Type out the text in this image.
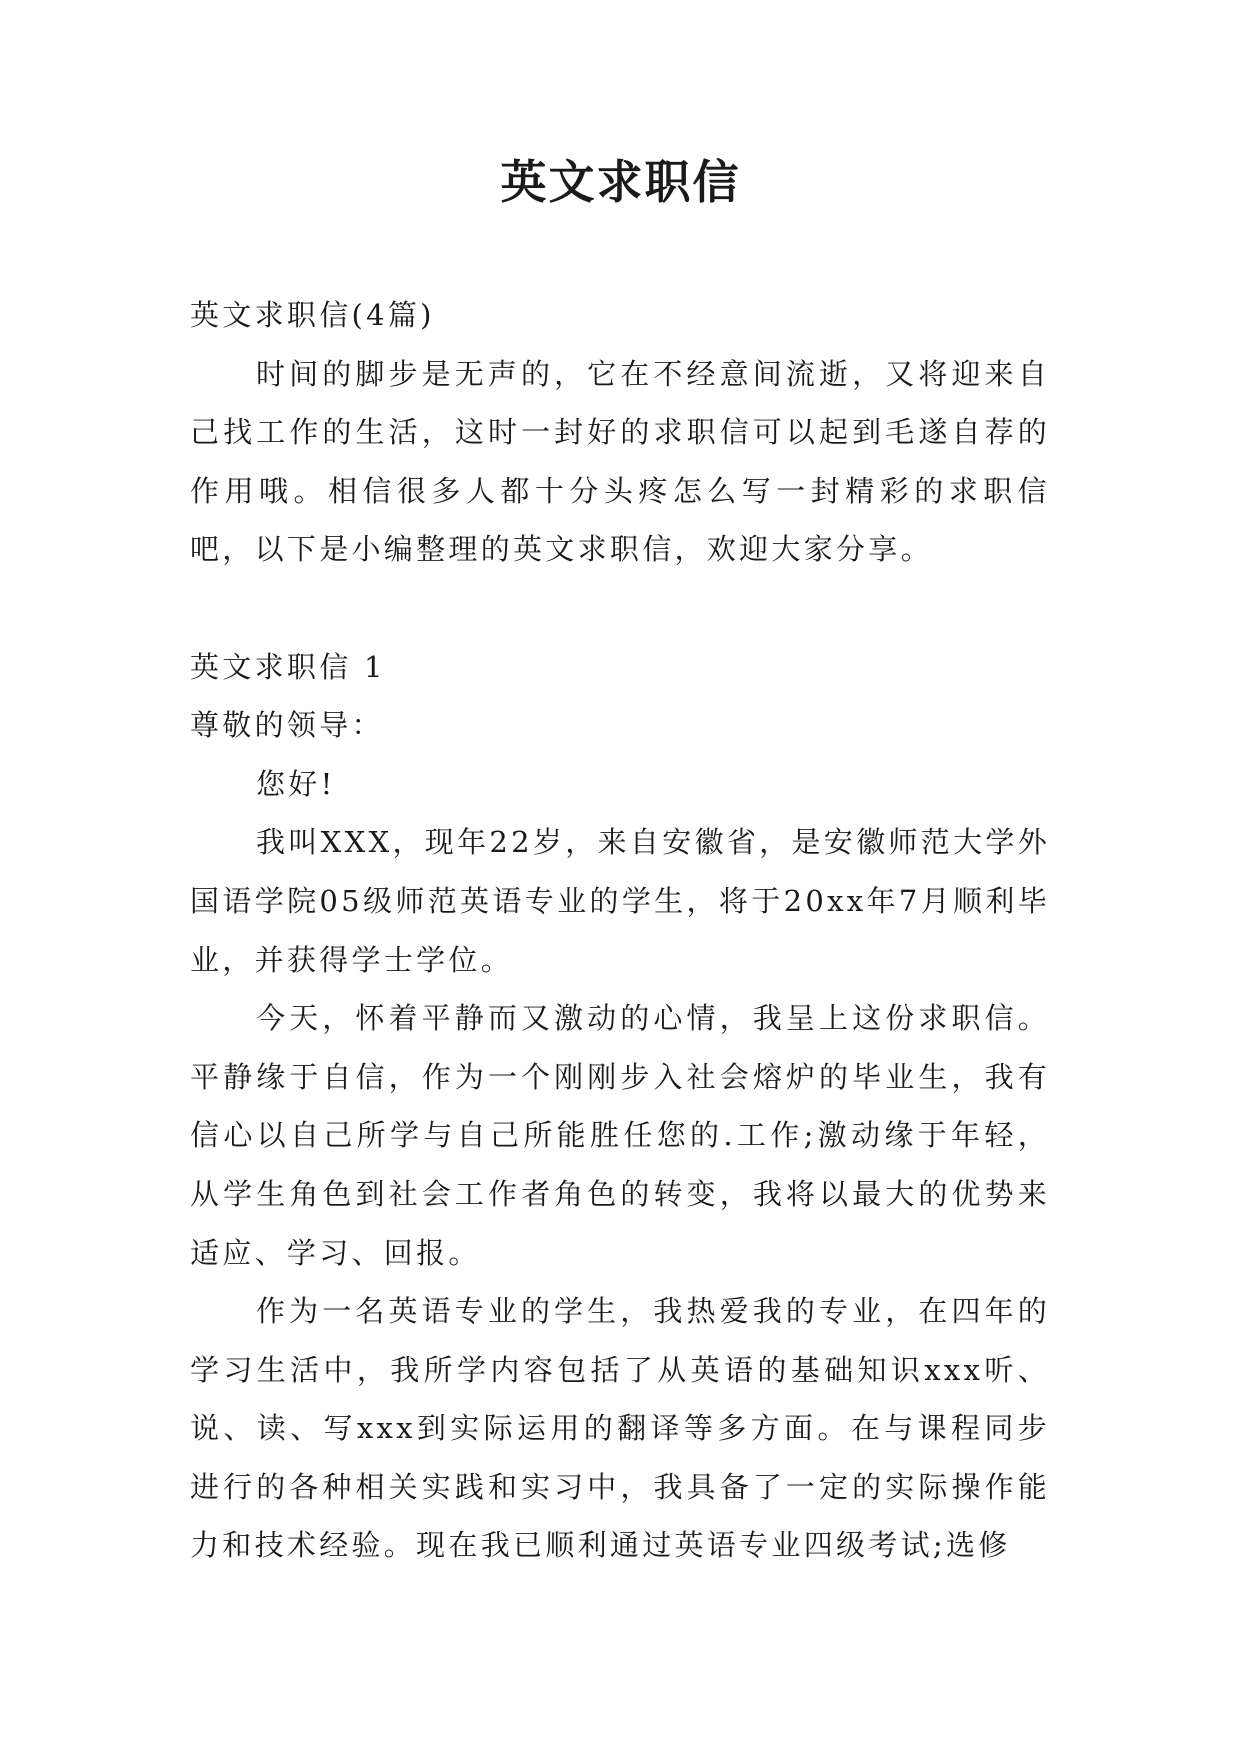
英文求职信

英文求职信(4篇)

时间的脚步是无声的，它在不经意间流逝，又将迎来自己找工作的生活，这时一封好的求职信可以起到毛遂自荐的作用哦。相信很多人都十分头疼怎么写一封精彩的求职信吧，以下是小编整理的英文求职信，欢迎大家分享。

英文求职信 1

尊敬的领导：

您好!

我叫XXX，现年22岁，来自安徽省，是安徽师范大学外国语学院05级师范英语专业的学生，将于20xx年7月顺利毕业，并获得学士学位。

今天，怀着平静而又激动的心情，我呈上这份求职信。平静缘于自信，作为一个刚刚步入社会熔炉的毕业生，我有信心以自己所学与自己所能胜任您的.工作;激动缘于年轻，从学生角色到社会工作者角色的转变，我将以最大的优势来适应、学习、回报。

作为一名英语专业的学生，我热爱我的专业，在四年的学习生活中，我所学内容包括了从英语的基础知识xxx听、说、读、写xxx到实际运用的翻译等多方面。在与课程同步进行的各种相关实践和实习中，我具备了一定的实际操作能力和技术经验。现在我已顺利通过英语专业四级考试;选修
